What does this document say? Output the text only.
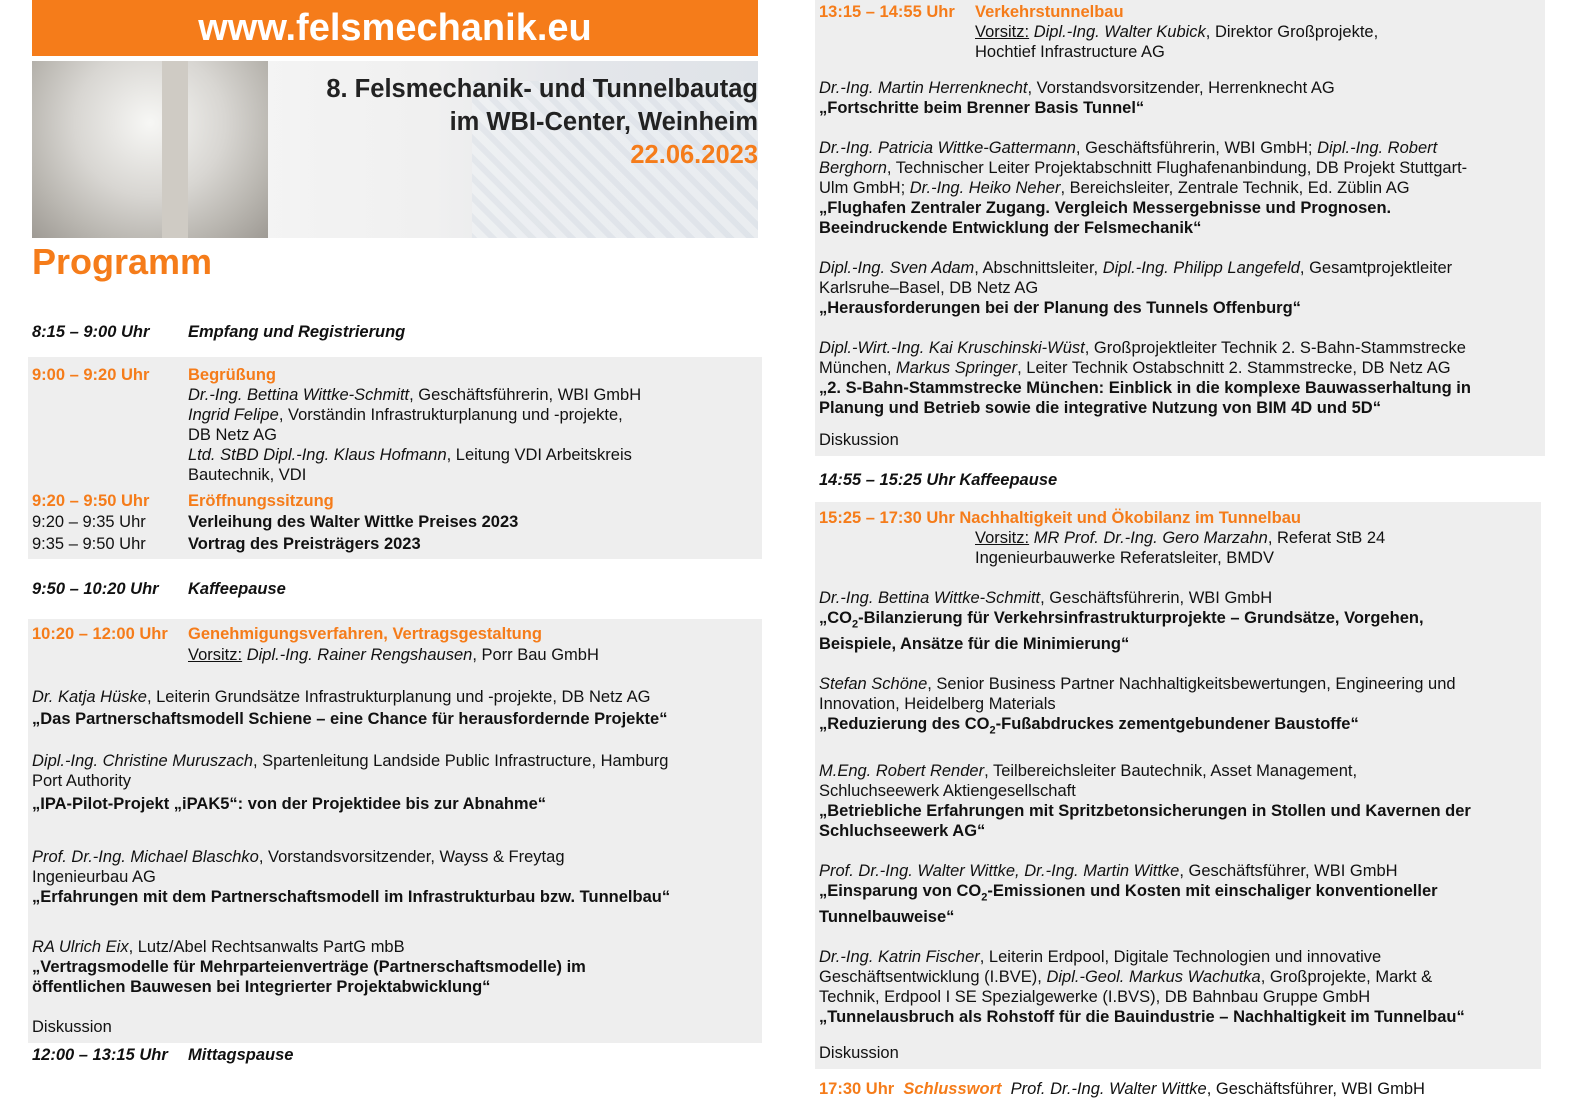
www.felsmechanik.eu
8. Felsmechanik- und Tunnelbautag
im WBI-Center, Weinheim
22.06.2023
Programm
8:15 – 9:00 Uhr	Empfang und Registrierung
9:00 – 9:20 Uhr	Begrüßung
Dr.-Ing. Bettina Wittke-Schmitt, Geschäftsführerin, WBI GmbH
Ingrid Felipe, Vorständin Infrastrukturplanung und -projekte,
DB Netz AG
Ltd. StBD Dipl.-Ing. Klaus Hofmann, Leitung VDI Arbeitskreis
Bautechnik, VDI
9:20 – 9:50 Uhr	Eröffnungssitzung
9:20 – 9:35 Uhr	Verleihung des Walter Wittke Preises 2023
9:35 – 9:50 Uhr	Vortrag des Preisträgers 2023
9:50 – 10:20 Uhr	Kaffeepause
10:20 – 12:00 Uhr	Genehmigungsverfahren, Vertragsgestaltung
Vorsitz: Dipl.-Ing. Rainer Rengshausen, Porr Bau GmbH
Dr. Katja Hüske, Leiterin Grundsätze Infrastrukturplanung und -projekte, DB Netz AG
„Das Partnerschaftsmodell Schiene – eine Chance für herausfordernde Projekte“
Dipl.-Ing. Christine Muruszach, Spartenleitung Landside Public Infrastructure, Hamburg
Port Authority
„IPA-Pilot-Projekt „iPAK5“: von der Projektidee bis zur Abnahme“
Prof. Dr.-Ing. Michael Blaschko, Vorstandsvorsitzender, Wayss & Freytag
Ingenieurbau AG
„Erfahrungen mit dem Partnerschaftsmodell im Infrastrukturbau bzw. Tunnelbau“
RA Ulrich Eix, Lutz/Abel Rechtsanwalts PartG mbB
„Vertragsmodelle für Mehrparteienverträge (Partnerschaftsmodelle) im
öffentlichen Bauwesen bei Integrierter Projektabwicklung“
Diskussion
12:00 – 13:15 Uhr	Mittagspause
13:15 – 14:55 Uhr	Verkehrstunnelbau
Vorsitz: Dipl.-Ing. Walter Kubick, Direktor Großprojekte,
Hochtief Infrastructure AG
Dr.-Ing. Martin Herrenknecht, Vorstandsvorsitzender, Herrenknecht AG
„Fortschritte beim Brenner Basis Tunnel“
Dr.-Ing. Patricia Wittke-Gattermann, Geschäftsführerin, WBI GmbH; Dipl.-Ing. Robert
Berghorn, Technischer Leiter Projektabschnitt Flughafenanbindung, DB Projekt Stuttgart-
Ulm GmbH; Dr.-Ing. Heiko Neher, Bereichsleiter, Zentrale Technik, Ed. Züblin AG
„Flughafen Zentraler Zugang. Vergleich Messergebnisse und Prognosen.
Beeindruckende Entwicklung der Felsmechanik“
Dipl.-Ing. Sven Adam, Abschnittsleiter, Dipl.-Ing. Philipp Langefeld, Gesamtprojektleiter
Karlsruhe–Basel, DB Netz AG
„Herausforderungen bei der Planung des Tunnels Offenburg“
Dipl.-Wirt.-Ing. Kai Kruschinski-Wüst, Großprojektleiter Technik 2. S-Bahn-Stammstrecke
München, Markus Springer, Leiter Technik Ostabschnitt 2. Stammstrecke, DB Netz AG
„2. S-Bahn-Stammstrecke München: Einblick in die komplexe Bauwasserhaltung in
Planung und Betrieb sowie die integrative Nutzung von BIM 4D und 5D“
Diskussion
14:55 – 15:25 Uhr Kaffeepause
15:25 – 17:30 Uhr Nachhaltigkeit und Ökobilanz im Tunnelbau
Vorsitz: MR Prof. Dr.-Ing. Gero Marzahn, Referat StB 24
Ingenieurbauwerke Referatsleiter, BMDV
Dr.-Ing. Bettina Wittke-Schmitt, Geschäftsführerin, WBI GmbH
$„CO_2$-Bilanzierung für Verkehrsinfrastrukturprojekte – Grundsätze, Vorgehen,
Beispiele, Ansätze für die Minimierung“
Stefan Schöne, Senior Business Partner Nachhaltigkeitsbewertungen, Engineering und
Innovation, Heidelberg Materials
„Reduzierung des $CO_2$-Fußabdruckes zementgebundener Baustoffe“
M.Eng. Robert Render, Teilbereichsleiter Bautechnik, Asset Management,
Schluchseewerk Aktiengesellschaft
„Betriebliche Erfahrungen mit Spritzbetonsicherungen in Stollen und Kavernen der
Schluchseewerk AG“
Prof. Dr.-Ing. Walter Wittke, Dr.-Ing. Martin Wittke, Geschäftsführer, WBI GmbH
„Einsparung von $CO_2$-Emissionen und Kosten mit einschaliger konventioneller
Tunnelbauweise“
Dr.-Ing. Katrin Fischer, Leiterin Erdpool, Digitale Technologien und innovative
Geschäftsentwicklung (I.BVE), Dipl.-Geol. Markus Wachutka, Großprojekte, Markt &
Technik, Erdpool I SE Spezialgewerke (I.BVS), DB Bahnbau Gruppe GmbH
„Tunnelausbruch als Rohstoff für die Bauindustrie – Nachhaltigkeit im Tunnelbau“
Diskussion
17:30 Uhr Schlusswort Prof. Dr.-Ing. Walter Wittke, Geschäftsführer, WBI GmbH
